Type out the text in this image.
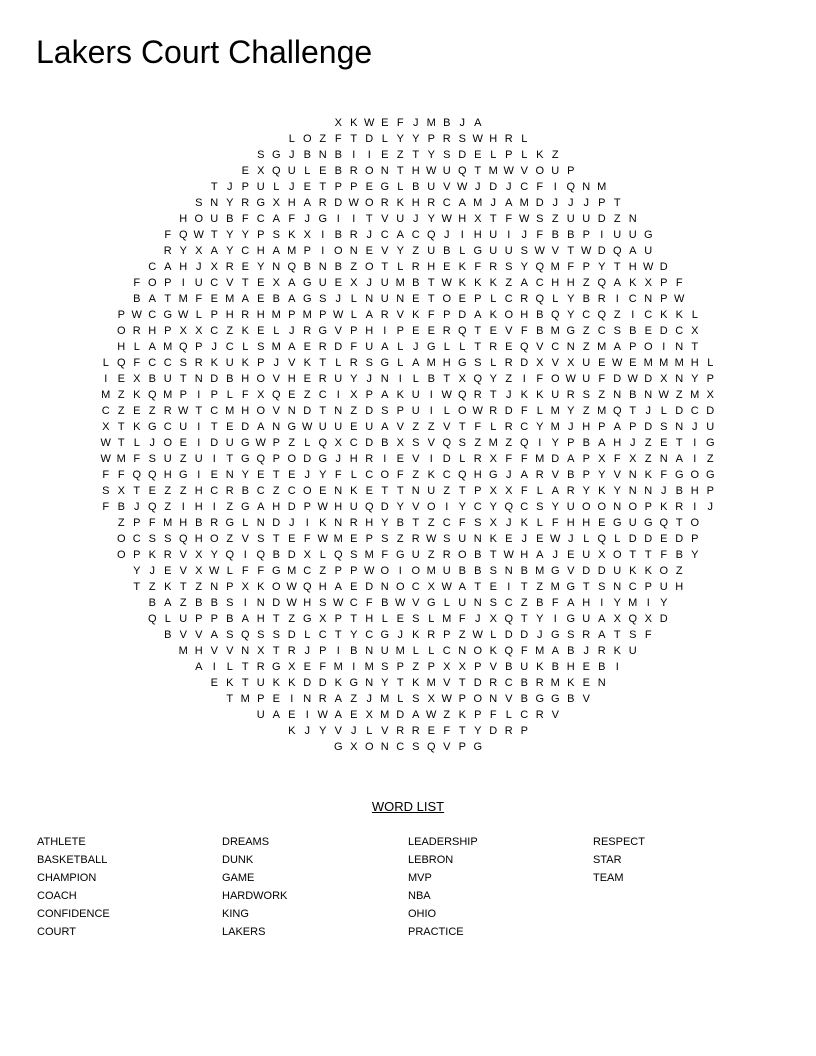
Lakers Court Challenge
X K W E F J M B J A
L O Z F T D L Y Y P R S W H R L
S G J B N B I I E Z T Y S D E L P L K Z
E X Q U L E B R O N T H W U Q T M W V O U P
T J P U L J E T P P E G L B U V W J D J C F I Q N M
S N Y R G X H A R D W O R K H R C A M J A M D J J J P T
H O U B F C A F J G I I T V U J Y W H X T F W S Z U U D Z N
F Q W T Y Y P S K X I B R J C A C Q J I H U I J F B B P I U U G
R Y X A Y C H A M P I O N E V Y Z U B L G U U S W V T W D Q A U
C A H J X R E Y N Q B N B Z O T L R H E K F R S Y Q M F P Y T H W D
F O P I U C V T E X A G U E X J U M B T W K K K Z A C H H Z Q A K X P F
B A T M F E M A E B A G S J L N U N E T O E P L C R Q L Y B R I C N P W
P W C G W L P H R H M P M P W L A R V K F P D A K O H B Q Y C Q Z I C K K L
O R H P X X C Z K E L J R G V P H I P E E R Q T E V F B M G Z C S B E D C X
H L A M Q P J C L S M A E R D F U A L J G L L T R E Q V C N Z M A P O I N T
L Q F C C S R K U K P J V K T L R S G L A M H G S L R D X V X U E W E M M M H L
I E X B U T N D B H O V H E R U Y J N I L B T X Q Y Z I F O W U F D W D X N Y P
M Z K Q M P I P L F X Q E Z C I X P A K U I W Q R T J K K U R S Z N B N W Z M X
C Z E Z R W T C M H O V N D T N Z D S P U I L O W R D F L M Y Z M Q T J L D C D
X T K G C U I T E D A N G W U U E U A V Z Z V T F L R C Y M J H P A P D S N J U
W T L J O E I D U G W P Z L Q X C D B X S V Q S Z M Z Q I Y P B A H J Z E T I G
W M F S U Z U I T G Q P O D G J H R I E V I D L R X F F M D A P X F X Z N A I Z
F F Q Q H G I E N Y E T E J Y F L C O F Z K C Q H G J A R V B P Y V N K F G O G
S X T E Z Z H C R B C Z C O E N K E T T N U Z T P X X F L A R Y K Y N N J B H P
F B J Q Z I H I Z G A H D P W H U Q D Y V O I Y C Y Q C S Y U O O N O P K R I J
Z P F M H B R G L N D J I K N R H Y B T Z C F S X J K L F H H E G U G Q T O
O C S S Q H O Z V S T E F W M E P S Z R W S U N K E J E W J L Q L D D E D P
O P K R V X Y Q I Q B D X L Q S M F G U Z R O B T W H A J E U X O T T F B Y
Y J E V X W L F F G M C Z P P W O I O M U B B S N B M G V D D U K K O Z
T Z K T Z N P X K O W Q H A E D N O C X W A T E I T Z M G T S N C P U H
B A Z B B S I N D W H S W C F B W V G L U N S C Z B F A H I Y M I Y
Q L U P P B A H T Z G X P T H L E S L M F J X Q T Y I G U A X Q X D
B V V A S Q S S D L C T Y C G J K R P Z W L D D J G S R A T S F
M H V V N X T R J P I B N U M L L C N O K Q F M A B J R K U
A I L T R G X E F M I M S P Z P X X P V B U K B H E B I
E K T U K K D D K G N Y T K M V T D R C B R M K E N
T M P E I N R A Z J M L S X W P O N V B G G B V
U A E I W A E X M D A W Z K P F L C R V
K J Y V J L V R R E F T Y D R P
G X O N C S Q V P G
WORD LIST
ATHLETE
BASKETBALL
CHAMPION
COACH
CONFIDENCE
COURT
DREAMS
DUNK
GAME
HARDWORK
KING
LAKERS
LEADERSHIP
LEBRON
MVP
NBA
OHIO
PRACTICE
RESPECT
STAR
TEAM
